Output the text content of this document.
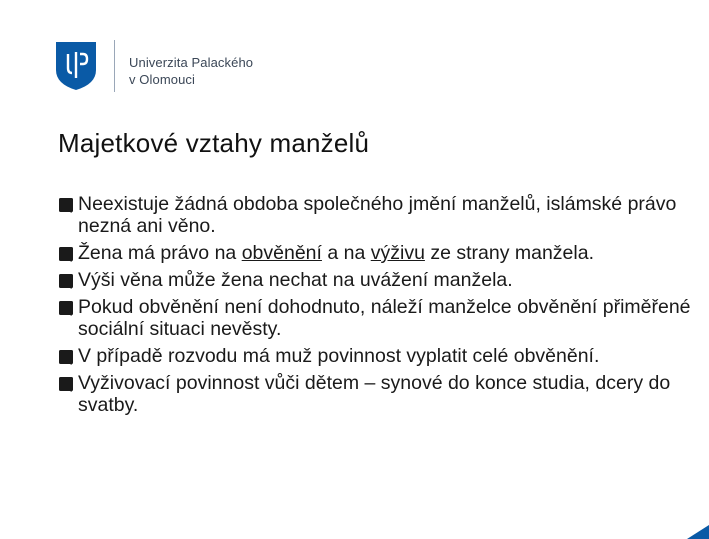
Univerzita Palackého
v Olomouci
Majetkové vztahy manželů
Neexistuje žádná obdoba společného jmění manželů, islámské právo nezná ani věno.
Žena má právo na obvěnění a na výživu ze strany manžela.
Výši věna může žena nechat na uvážení manžela.
Pokud obvěnění není dohodnuto, náleží manželce obvěnění přiměřené sociální situaci nevěsty.
V případě rozvodu má muž povinnost vyplatit celé obvěnění.
Vyživovací povinnost vůči dětem – synové do konce studia, dcery do svatby.
